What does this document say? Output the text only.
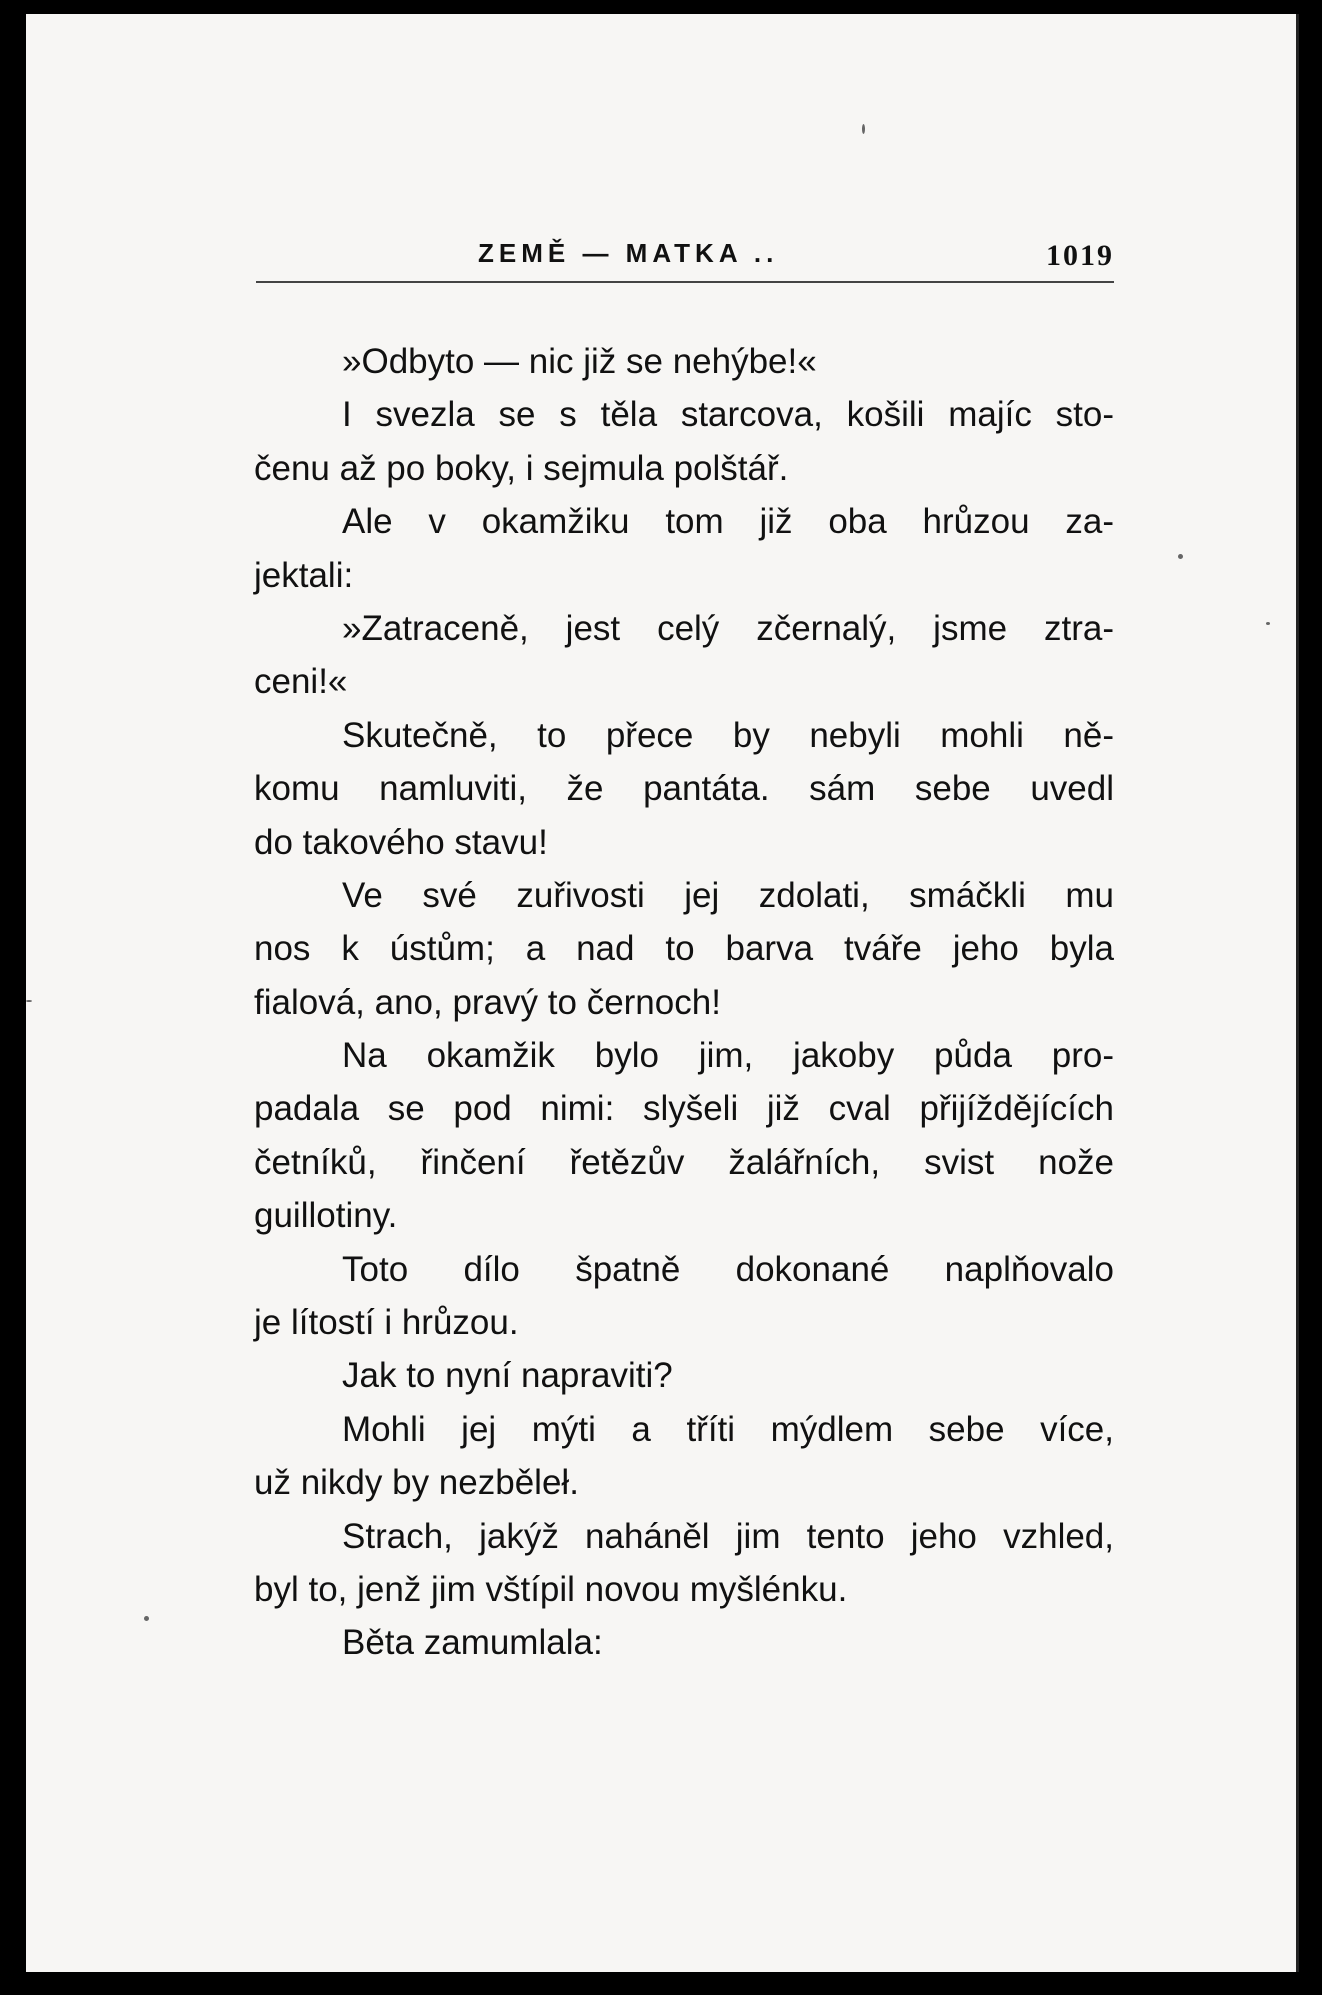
ZEMĚ — MATKA ..	1019
»Odbyto — nic již se nehýbe!«
I svezla se s těla starcova, košili majíc sto-
čenu až po boky, i sejmula polštář.
Ale v okamžiku tom již oba hrůzou za-
jektali:
»Zatraceně, jest celý zčernalý, jsme ztra-
ceni!«
Skutečně, to přece by nebyli mohli ně-
komu namluviti, že pantáta. sám sebe uvedl
do takového stavu!
Ve své zuřivosti jej zdolati, smáčkli mu
nos k ústům; a nad to barva tváře jeho byla
fialová, ano, pravý to černoch!
Na okamžik bylo jim, jakoby půda pro-
padala se pod nimi: slyšeli již cval přijíždějících
četníků, řinčení řetězův žalářních, svist nože
guillotiny.
Toto dílo špatně dokonané naplňovalo
je lítostí i hrůzou.
Jak to nyní napraviti?
Mohli jej mýti a tříti mýdlem sebe více,
už nikdy by nezběleł.
Strach, jakýž naháněl jim tento jeho vzhled,
byl to, jenž jim vštípil novou myšlénku.
Běta zamumlala:
